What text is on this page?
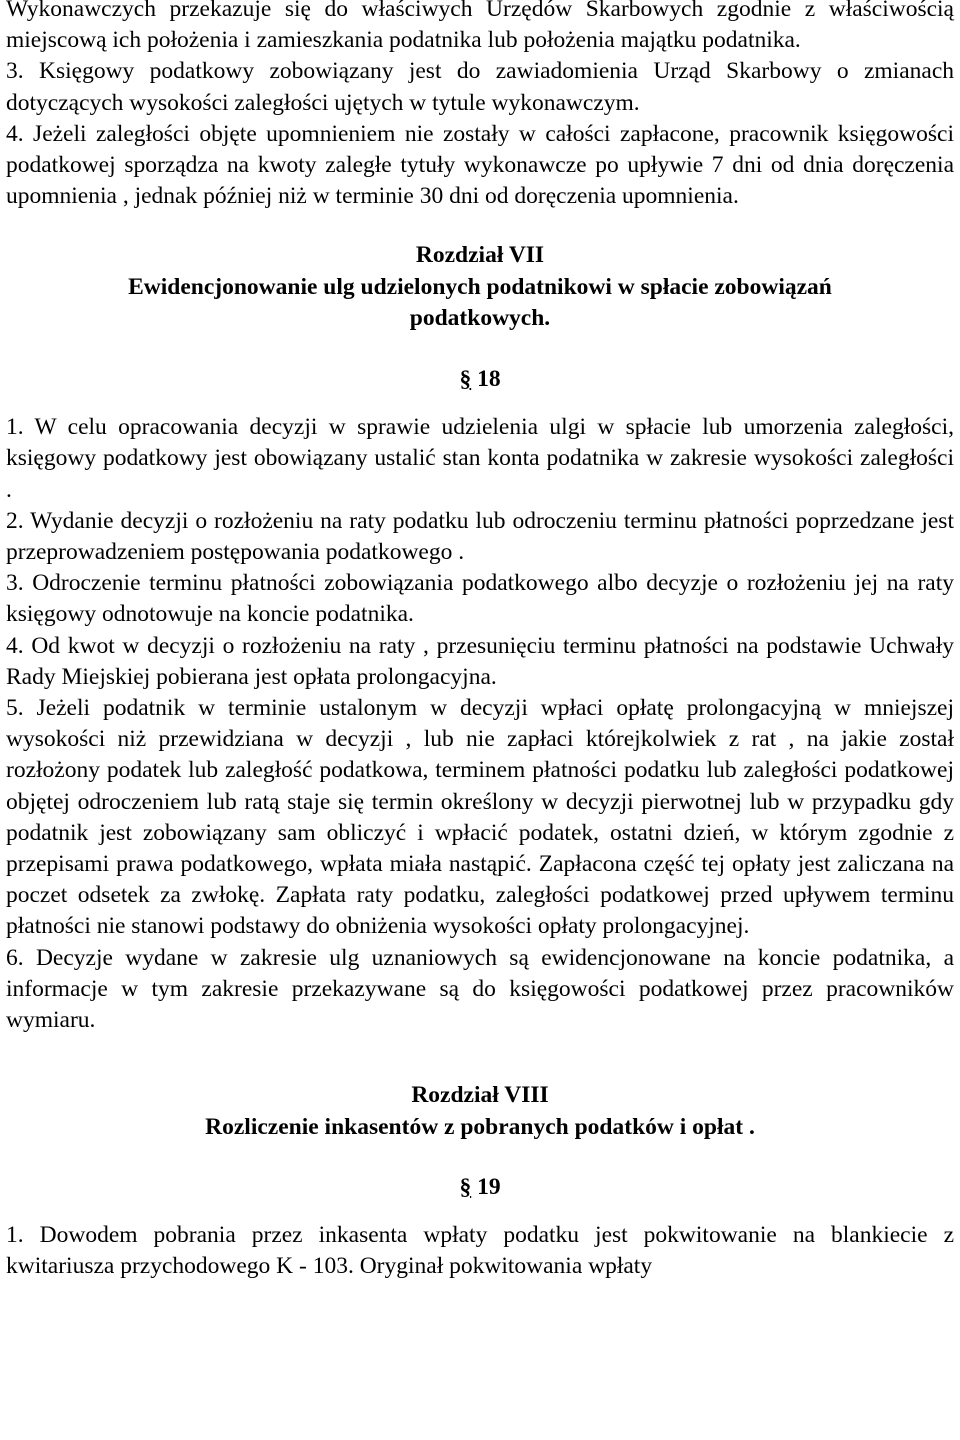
Wykonawczych przekazuje się do właściwych Urzędów Skarbowych zgodnie z właściwością miejscową ich położenia i zamieszkania podatnika lub położenia majątku podatnika.

3. Księgowy podatkowy zobowiązany jest do zawiadomienia Urząd Skarbowy o zmianach dotyczących wysokości zaległości ujętych w tytule wykonawczym.

4. Jeżeli zaległości objęte upomnieniem nie zostały w całości zapłacone, pracownik księgowości podatkowej sporządza na kwoty zaległe tytuły wykonawcze po upływie 7 dni od dnia doręczenia upomnienia , jednak później niż w terminie 30 dni od doręczenia upomnienia.

Rozdział VII

Ewidencjonowanie ulg udzielonych podatnikowi w spłacie zobowiązań

podatkowych.

§ 18

1. W celu opracowania decyzji w sprawie udzielenia ulgi w spłacie lub umorzenia zaległości, księgowy podatkowy jest obowiązany ustalić stan konta podatnika w zakresie wysokości zaległości .

2. Wydanie decyzji o rozłożeniu na raty podatku lub odroczeniu terminu płatności poprzedzane jest przeprowadzeniem postępowania podatkowego .

3. Odroczenie terminu płatności zobowiązania podatkowego albo decyzje o rozłożeniu jej na raty księgowy odnotowuje na koncie podatnika.

4. Od kwot w decyzji o rozłożeniu na raty , przesunięciu terminu płatności na podstawie Uchwały Rady Miejskiej pobierana jest opłata prolongacyjna.

5. Jeżeli podatnik w terminie ustalonym w decyzji wpłaci opłatę prolongacyjną w mniejszej wysokości niż przewidziana w decyzji , lub nie zapłaci którejkolwiek z rat , na jakie został rozłożony podatek lub zaległość podatkowa, terminem płatności podatku lub zaległości podatkowej objętej odroczeniem lub ratą staje się termin określony w decyzji pierwotnej lub w przypadku gdy podatnik jest zobowiązany sam obliczyć i wpłacić podatek, ostatni dzień, w którym zgodnie z przepisami prawa podatkowego, wpłata miała nastąpić. Zapłacona część tej opłaty jest zaliczana na poczet odsetek za zwłokę. Zapłata raty podatku, zaległości podatkowej przed upływem terminu płatności nie stanowi podstawy do obniżenia wysokości opłaty prolongacyjnej.

6. Decyzje wydane w zakresie ulg uznaniowych są ewidencjonowane na koncie podatnika, a informacje w tym zakresie przekazywane są do księgowości podatkowej przez pracowników wymiaru.

Rozdział VIII

Rozliczenie inkasentów z pobranych podatków i opłat .

§ 19

1. Dowodem pobrania przez inkasenta wpłaty podatku jest pokwitowanie na blankiecie z kwitariusza przychodowego K - 103. Oryginał pokwitowania wpłaty
